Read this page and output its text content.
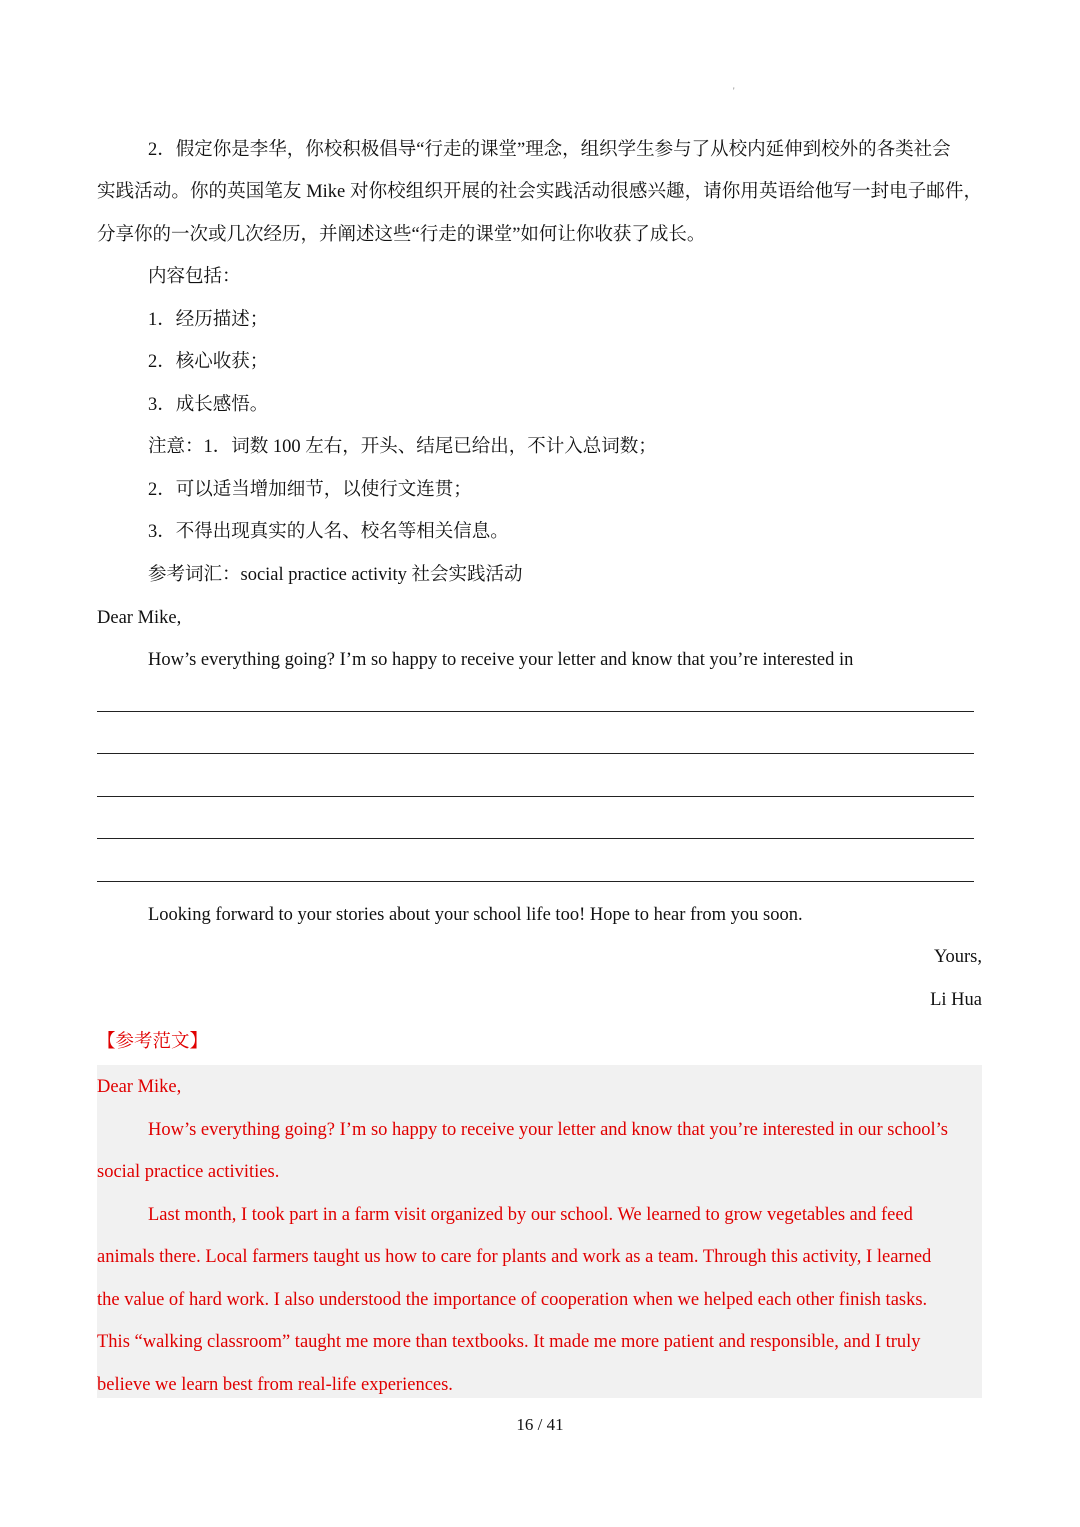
'
2．假定你是李华，你校积极倡导“行走的课堂”理念，组织学生参与了从校内延伸到校外的各类社会
实践活动。你的英国笔友 Mike 对你校组织开展的社会实践活动很感兴趣，请你用英语给他写一封电子邮件，
分享你的一次或几次经历，并阐述这些“行走的课堂”如何让你收获了成长。
内容包括：
1．经历描述；
2．核心收获；
3．成长感悟。
注意：1．词数 100 左右，开头、结尾已给出，不计入总词数；
2．可以适当增加细节，以使行文连贯；
3．不得出现真实的人名、校名等相关信息。
参考词汇：social practice activity 社会实践活动
Dear Mike,
How’s everything going? I’m so happy to receive your letter and know that you’re interested in
Looking forward to your stories about your school life too! Hope to hear from you soon.
Yours,
Li Hua
【参考范文】
Dear Mike,
How’s everything going? I’m so happy to receive your letter and know that you’re interested in our school’s
social practice activities.
Last month, I took part in a farm visit organized by our school. We learned to grow vegetables and feed
animals there. Local farmers taught us how to care for plants and work as a team. Through this activity, I learned
the value of hard work. I also understood the importance of cooperation when we helped each other finish tasks.
This “walking classroom” taught me more than textbooks. It made me more patient and responsible, and I truly
believe we learn best from real-life experiences.
16 / 41
